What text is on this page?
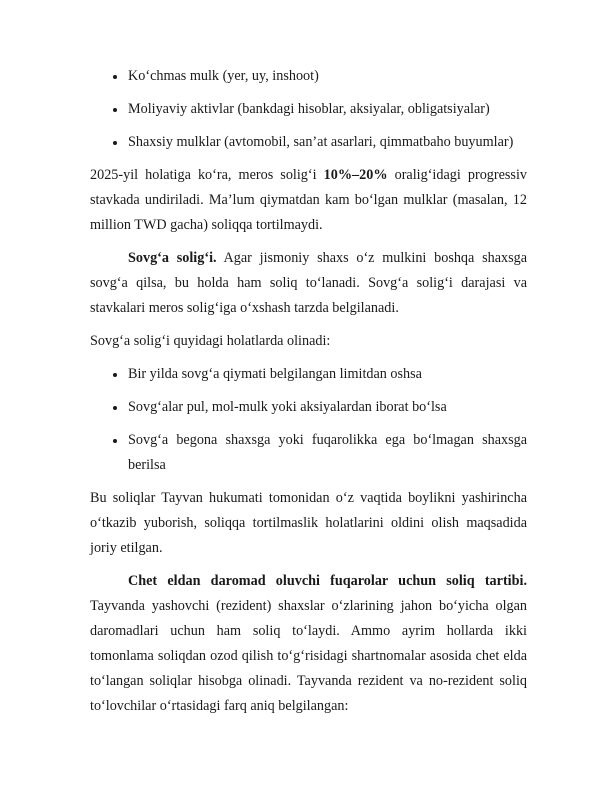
Ko‘chmas mulk (yer, uy, inshoot)
Moliyaviy aktivlar (bankdagi hisoblar, aksiyalar, obligatsiyalar)
Shaxsiy mulklar (avtomobil, san’at asarlari, qimmatbaho buyumlar)

2025-yil holatiga ko‘ra, meros solig‘i 10%–20% oralig‘idagi progressiv stavkada undiriladi. Ma’lum qiymatdan kam bo‘lgan mulklar (masalan, 12 million TWD gacha) soliqqa tortilmaydi.

Sovg‘a solig‘i. Agar jismoniy shaxs o‘z mulkini boshqa shaxsga sovg‘a qilsa, bu holda ham soliq to‘lanadi. Sovg‘a solig‘i darajasi va stavkalari meros solig‘iga o‘xshash tarzda belgilanadi.

Sovg‘a solig‘i quyidagi holatlarda olinadi:

Bir yilda sovg‘a qiymati belgilangan limitdan oshsa
Sovg‘alar pul, mol-mulk yoki aksiyalardan iborat bo‘lsa
Sovg‘a begona shaxsga yoki fuqarolikka ega bo‘lmagan shaxsga berilsa

Bu soliqlar Tayvan hukumati tomonidan o‘z vaqtida boylikni yashirincha o‘tkazib yuborish, soliqqa tortilmaslik holatlarini oldini olish maqsadida joriy etilgan.

Chet eldan daromad oluvchi fuqarolar uchun soliq tartibi. Tayvanda yashovchi (rezident) shaxslar o‘zlarining jahon bo‘yicha olgan daromadlari uchun ham soliq to‘laydi. Ammo ayrim hollarda ikki tomonlama soliqdan ozod qilish to‘g‘risidagi shartnomalar asosida chet elda to‘langan soliqlar hisobga olinadi. Tayvanda rezident va no-rezident soliq to‘lovchilar o‘rtasidagi farq aniq belgilangan:
